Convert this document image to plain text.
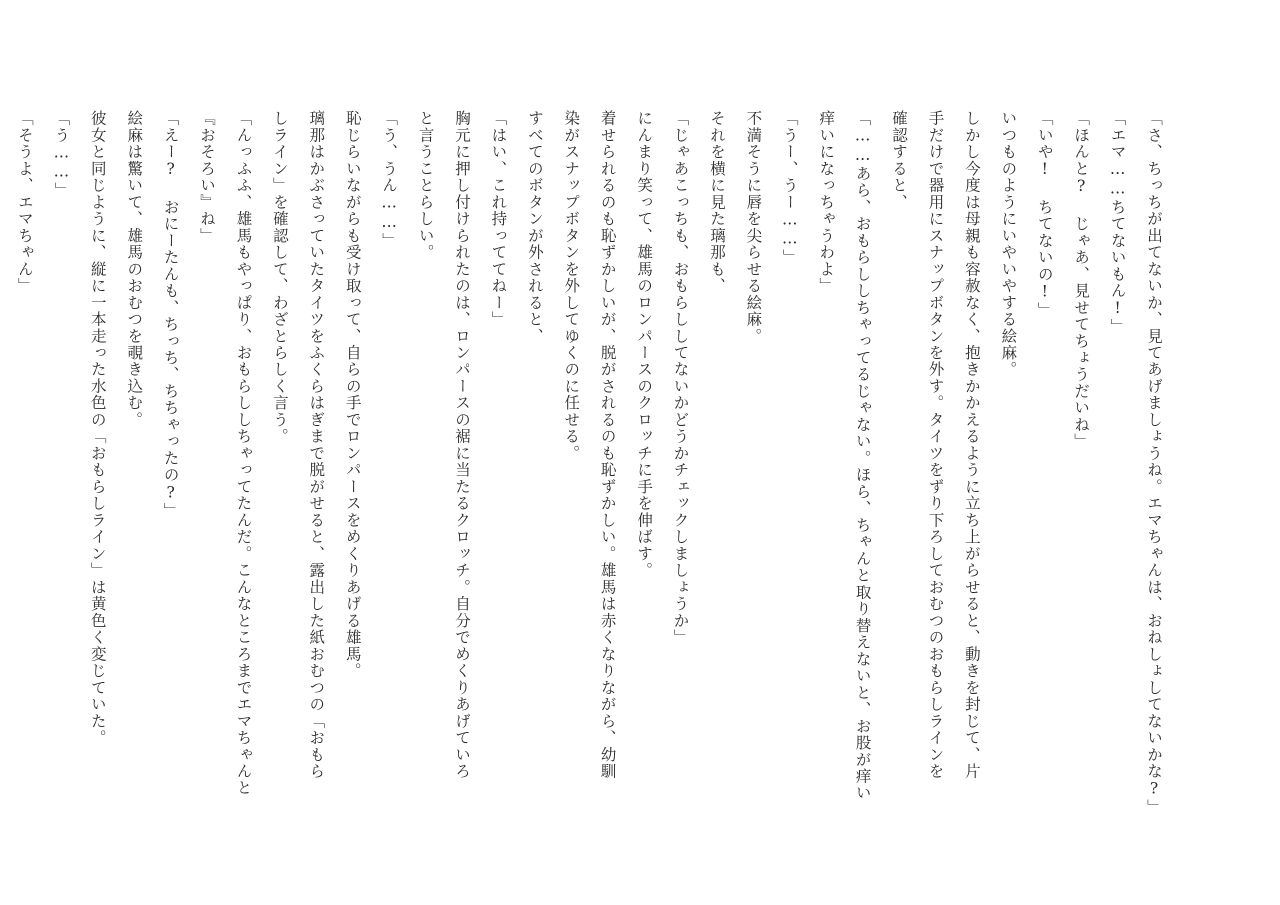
「さ、ちっちが出てないか、見てあげましょうね。エマちゃんは、おねしょしてないかな?」

「エマ……ちてないもん!」

「ほんと? じゃあ、見せてちょうだいね」

「いや! ちてないの!」

いつものようにいやいやする絵麻。

しかし今度は母親も容赦なく、抱きかかえるように立ち上がらせると、動きを封じて、片

手だけで器用にスナップボタンを外す。タイツをずり下ろしておむつのおもらしラインを

確認すると、

「……あら、おもらししちゃってるじゃない。ほら、ちゃんと取り替えないと、お股が痒い

痒いになっちゃうわよ」

「うー、うー……」

不満そうに唇を尖らせる絵麻。

それを横に見た璃那も、

「じゃあこっちも、おもらししてないかどうかチェックしましょうか」

にんまり笑って、雄馬のロンパースのクロッチに手を伸ばす。

着せられるのも恥ずかしいが、脱がされるのも恥ずかしい。雄馬は赤くなりながら、幼馴

染がスナップボタンを外してゆくのに任せる。

すべてのボタンが外されると、

「はい、これ持っててねー」

胸元に押し付けられたのは、ロンパースの裾に当たるクロッチ。自分でめくりあげていろ

と言うことらしい。

「う、うん……」

恥じらいながらも受け取って、自らの手でロンパースをめくりあげる雄馬。

璃那はかぶさっていたタイツをふくらはぎまで脱がせると、露出した紙おむつの「おもら

しライン」を確認して、わざとらしく言う。

「んっふふ、雄馬もやっぱり、おもらししちゃってたんだ。こんなところまでエマちゃんと

『おそろい』ね」

「えー? おにーたんも、ちっち、ちちゃったの?」

絵麻は驚いて、雄馬のおむつを覗き込む。

彼女と同じように、縦に一本走った水色の「おもらしライン」は黄色く変じていた。

「う……」

「そうよ、エマちゃん」
